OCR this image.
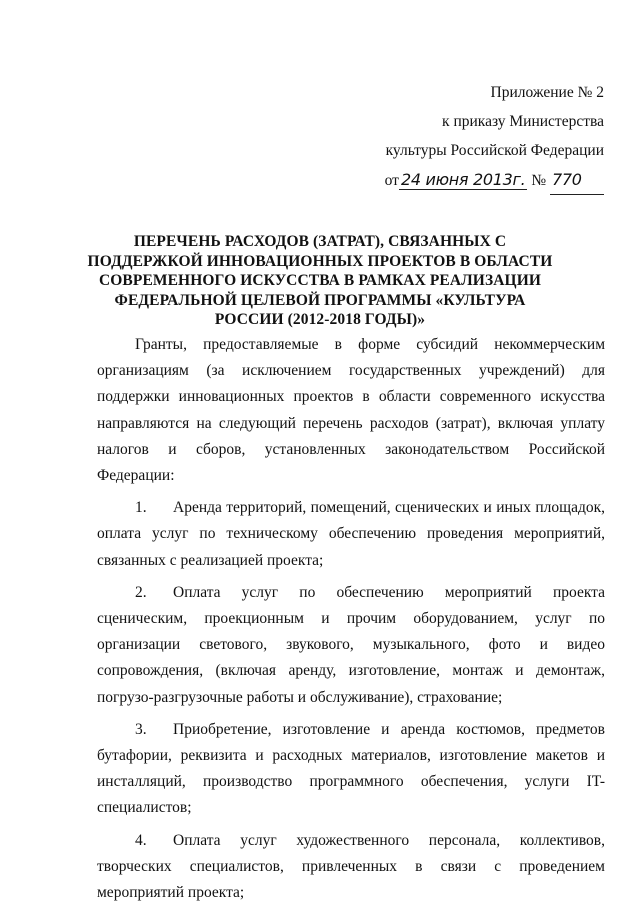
Приложение № 2
к приказу Министерства
культуры Российской Федерации
от 24 июня 2013г. № 770
ПЕРЕЧЕНЬ РАСХОДОВ (ЗАТРАТ), СВЯЗАННЫХ С ПОДДЕРЖКОЙ ИННОВАЦИОННЫХ ПРОЕКТОВ В ОБЛАСТИ СОВРЕМЕННОГО ИСКУССТВА В РАМКАХ РЕАЛИЗАЦИИ ФЕДЕРАЛЬНОЙ ЦЕЛЕВОЙ ПРОГРАММЫ «КУЛЬТУРА РОССИИ (2012-2018 ГОДЫ)»

Гранты, предоставляемые в форме субсидий некоммерческим организациям (за исключением государственных учреждений) для поддержки инновационных проектов в области современного искусства направляются на следующий перечень расходов (затрат), включая уплату налогов и сборов, установленных законодательством Российской Федерации:

1. Аренда территорий, помещений, сценических и иных площадок, оплата услуг по техническому обеспечению проведения мероприятий, связанных с реализацией проекта;

2. Оплата услуг по обеспечению мероприятий проекта сценическим, проекционным и прочим оборудованием, услуг по организации светового, звукового, музыкального, фото и видео сопровождения, (включая аренду, изготовление, монтаж и демонтаж, погрузо-разгрузочные работы и обслуживание), страхование;

3. Приобретение, изготовление и аренда костюмов, предметов бутафории, реквизита и расходных материалов, изготовление макетов и инсталляций, производство программного обеспечения, услуги IT-специалистов;

4. Оплата услуг художественного персонала, коллективов, творческих специалистов, привлеченных в связи с проведением мероприятий проекта;
